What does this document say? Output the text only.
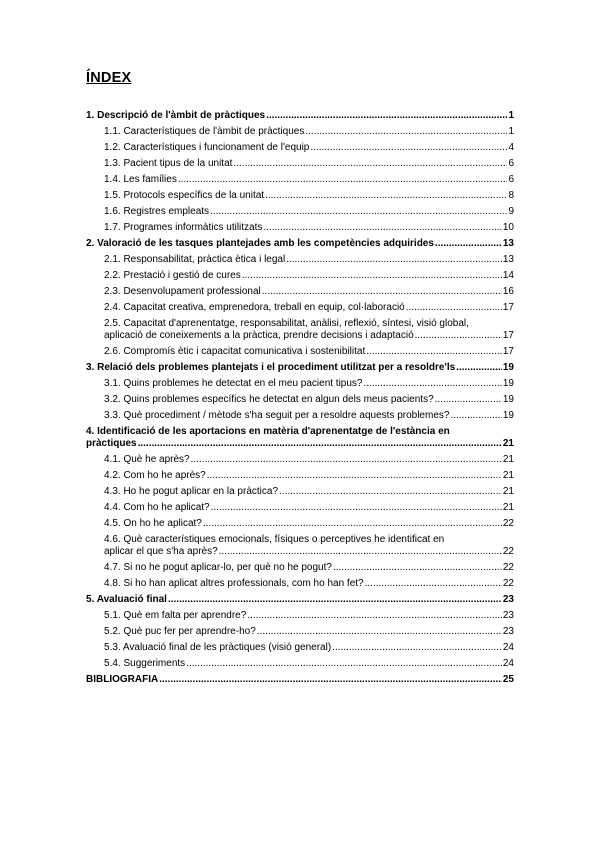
ÍNDEX
1. Descripció de l'àmbit de pràctiques .....	1
1.1. Característiques de l'àmbit de pràctiques .....	1
1.2. Característiques i funcionament de l'equip .....	4
1.3. Pacient tipus de la unitat .....	6
1.4. Les famílies .....	6
1.5. Protocols específics de la unitat .....	8
1.6. Registres empleats .....	9
1.7. Programes informàtics utilitzats .....	10
2. Valoració de les tasques plantejades amb les competències adquirides .....	13
2.1. Responsabilitat, pràctica ètica i legal .....	13
2.2. Prestació i gestió de cures .....	14
2.3. Desenvolupament professional .....	16
2.4. Capacitat creativa, emprenedora, treball en equip, col·laboració .....	17
2.5. Capacitat d'aprenentatge, responsabilitat, anàlisi, reflexió, síntesi, visió global,
aplicació de coneixements a la pràctica, prendre decisions i adaptació .....	17
2.6. Compromís ètic i capacitat comunicativa i sostenibilitat .....	17
3. Relació dels problemes plantejats i el procediment utilitzat per a resoldre'ls .....	19
3.1. Quins problemes he detectat en el meu pacient tipus? .....	19
3.2. Quins problemes específics he detectat en algun dels meus pacients? .....	19
3.3. Què procediment / mètode s'ha seguit per a resoldre aquests problemes? .....	19
4. Identificació de les aportacions en matèria d'aprenentatge de l'estància en
pràctiques .....	21
4.1. Què he après? .....	21
4.2. Com ho he après? .....	21
4.3. Ho he pogut aplicar en la pràctica? .....	21
4.4. Com ho he aplicat? .....	21
4.5. On ho he aplicat? .....	22
4.6. Què característiques emocionals, físiques o perceptives he identificat en
aplicar el que s'ha après? .....	22
4.7. Si no he pogut aplicar-lo, per què no he pogut? .....	22
4.8. Si ho han aplicat altres professionals, com ho han fet? .....	22
5. Avaluació final .....	23
5.1. Què em falta per aprendre? .....	23
5.2. Què puc fer per aprendre-ho? .....	23
5.3. Avaluació final de les pràctiques (visió general) .....	24
5.4. Suggeriments .....	24
BIBLIOGRAFIA .....	25
